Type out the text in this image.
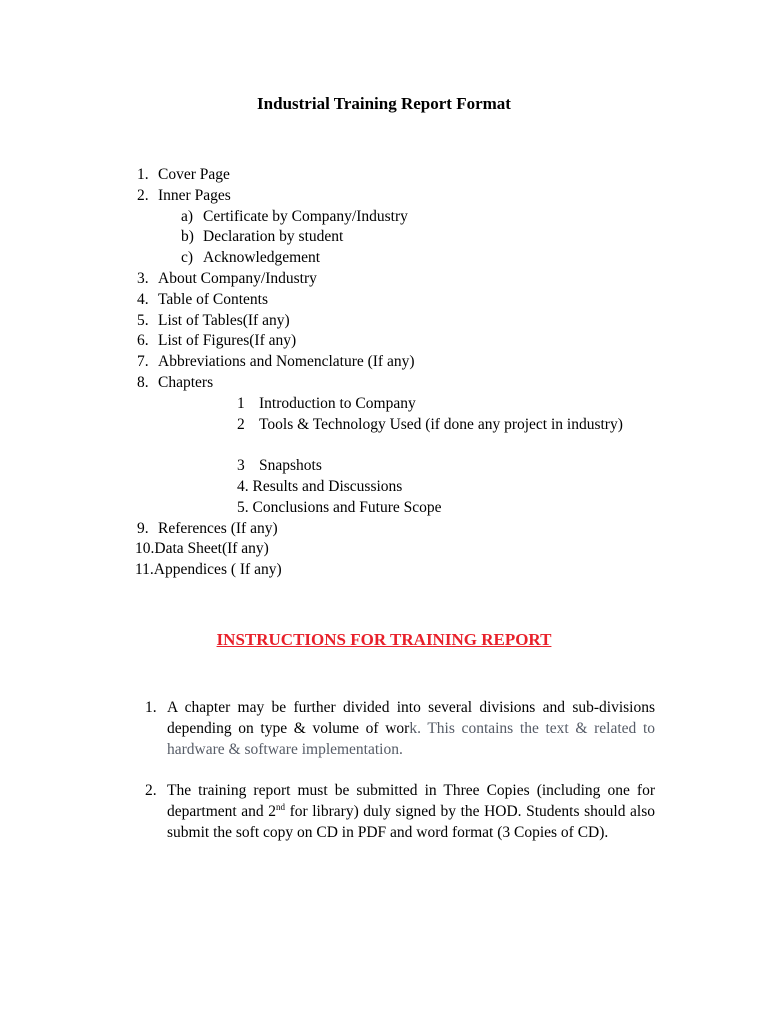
Industrial Training Report Format
1. Cover Page
2. Inner Pages
a) Certificate by Company/Industry
b) Declaration by student
c) Acknowledgement
3. About Company/Industry
4. Table of Contents
5. List of Tables(If any)
6. List of Figures(If any)
7. Abbreviations and Nomenclature (If any)
8. Chapters
1 Introduction to Company
2 Tools & Technology Used (if done any project in industry)
3 Snapshots
4. Results and Discussions
5. Conclusions and Future Scope
9. References (If any)
10.Data Sheet(If any)
11.Appendices ( If any)
INSTRUCTIONS FOR TRAINING REPORT
1. A chapter may be further divided into several divisions and sub-divisions depending on type & volume of work. This contains the text & related to hardware & software implementation.
2. The training report must be submitted in Three Copies (including one for department and 2nd for library) duly signed by the HOD. Students should also submit the soft copy on CD in PDF and word format (3 Copies of CD).
